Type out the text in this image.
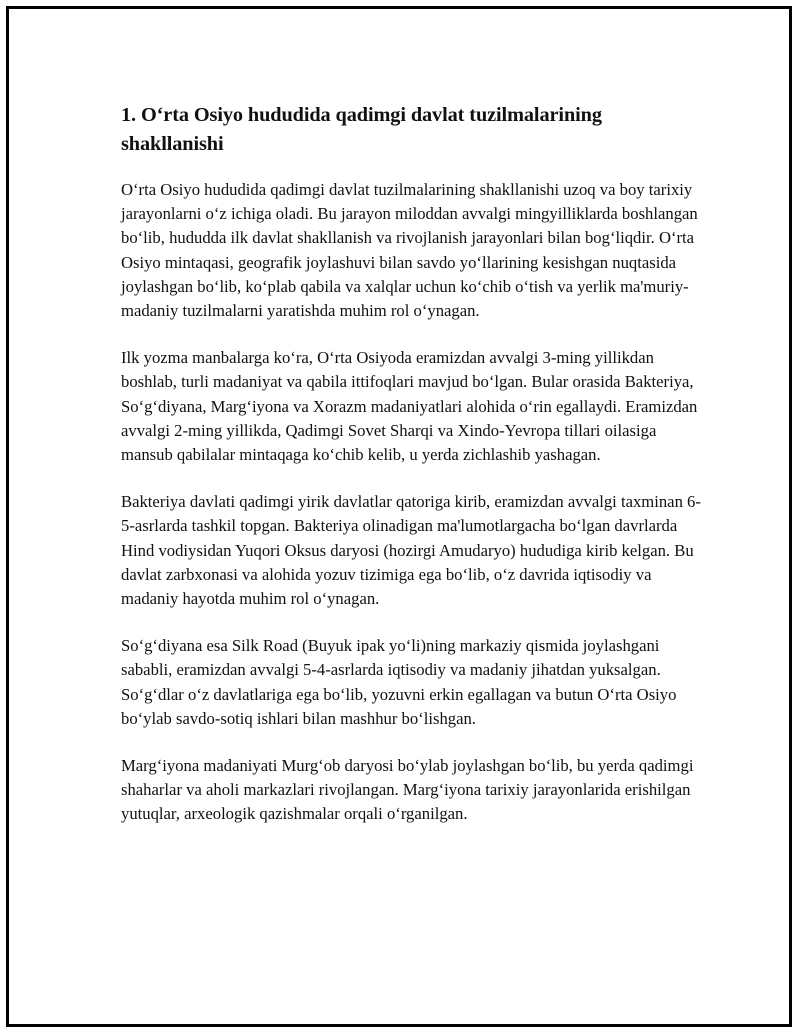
1. O‘rta Osiyo hududida qadimgi davlat tuzilmalarining shakllanishi

O‘rta Osiyo hududida qadimgi davlat tuzilmalarining shakllanishi uzoq va boy tarixiy jarayonlarni o‘z ichiga oladi. Bu jarayon miloddan avvalgi mingyilliklarda boshlangan bo‘lib, hududda ilk davlat shakllanish va rivojlanish jarayonlari bilan bog‘liqdir. O‘rta Osiyo mintaqasi, geografik joylashuvi bilan savdo yo‘llarining kesishgan nuqtasida joylashgan bo‘lib, ko‘plab qabila va xalqlar uchun ko‘chib o‘tish va yerlik ma'muriy-madaniy tuzilmalarni yaratishda muhim rol o‘ynagan.

Ilk yozma manbalarga ko‘ra, O‘rta Osiyoda eramizdan avvalgi 3-ming yillikdan boshlab, turli madaniyat va qabila ittifoqlari mavjud bo‘lgan. Bular orasida Bakteriya, So‘g‘diyana, Marg‘iyona va Xorazm madaniyatlari alohida o‘rin egallaydi. Eramizdan avvalgi 2-ming yillikda, Qadimgi Sovet Sharqi va Xindo-Yevropa tillari oilasiga mansub qabilalar mintaqaga ko‘chib kelib, u yerda zichlashib yashagan.

Bakteriya davlati qadimgi yirik davlatlar qatoriga kirib, eramizdan avvalgi taxminan 6-5-asrlarda tashkil topgan. Bakteriya olinadigan ma'lumotlargacha bo‘lgan davrlarda Hind vodiysidan Yuqori Oksus daryosi (hozirgi Amudaryo) hududiga kirib kelgan. Bu davlat zarbxonasi va alohida yozuv tizimiga ega bo‘lib, o‘z davrida iqtisodiy va madaniy hayotda muhim rol o‘ynagan.

So‘g‘diyana esa Silk Road (Buyuk ipak yo‘li)ning markaziy qismida joylashgani sababli, eramizdan avvalgi 5-4-asrlarda iqtisodiy va madaniy jihatdan yuksalgan. So‘g‘dlar o‘z davlatlariga ega bo‘lib, yozuvni erkin egallagan va butun O‘rta Osiyo bo‘ylab savdo-sotiq ishlari bilan mashhur bo‘lishgan.

Marg‘iyona madaniyati Murg‘ob daryosi bo‘ylab joylashgan bo‘lib, bu yerda qadimgi shaharlar va aholi markazlari rivojlangan. Marg‘iyona tarixiy jarayonlarida erishilgan yutuqlar, arxeologik qazishmalar orqali o‘rganilgan.
